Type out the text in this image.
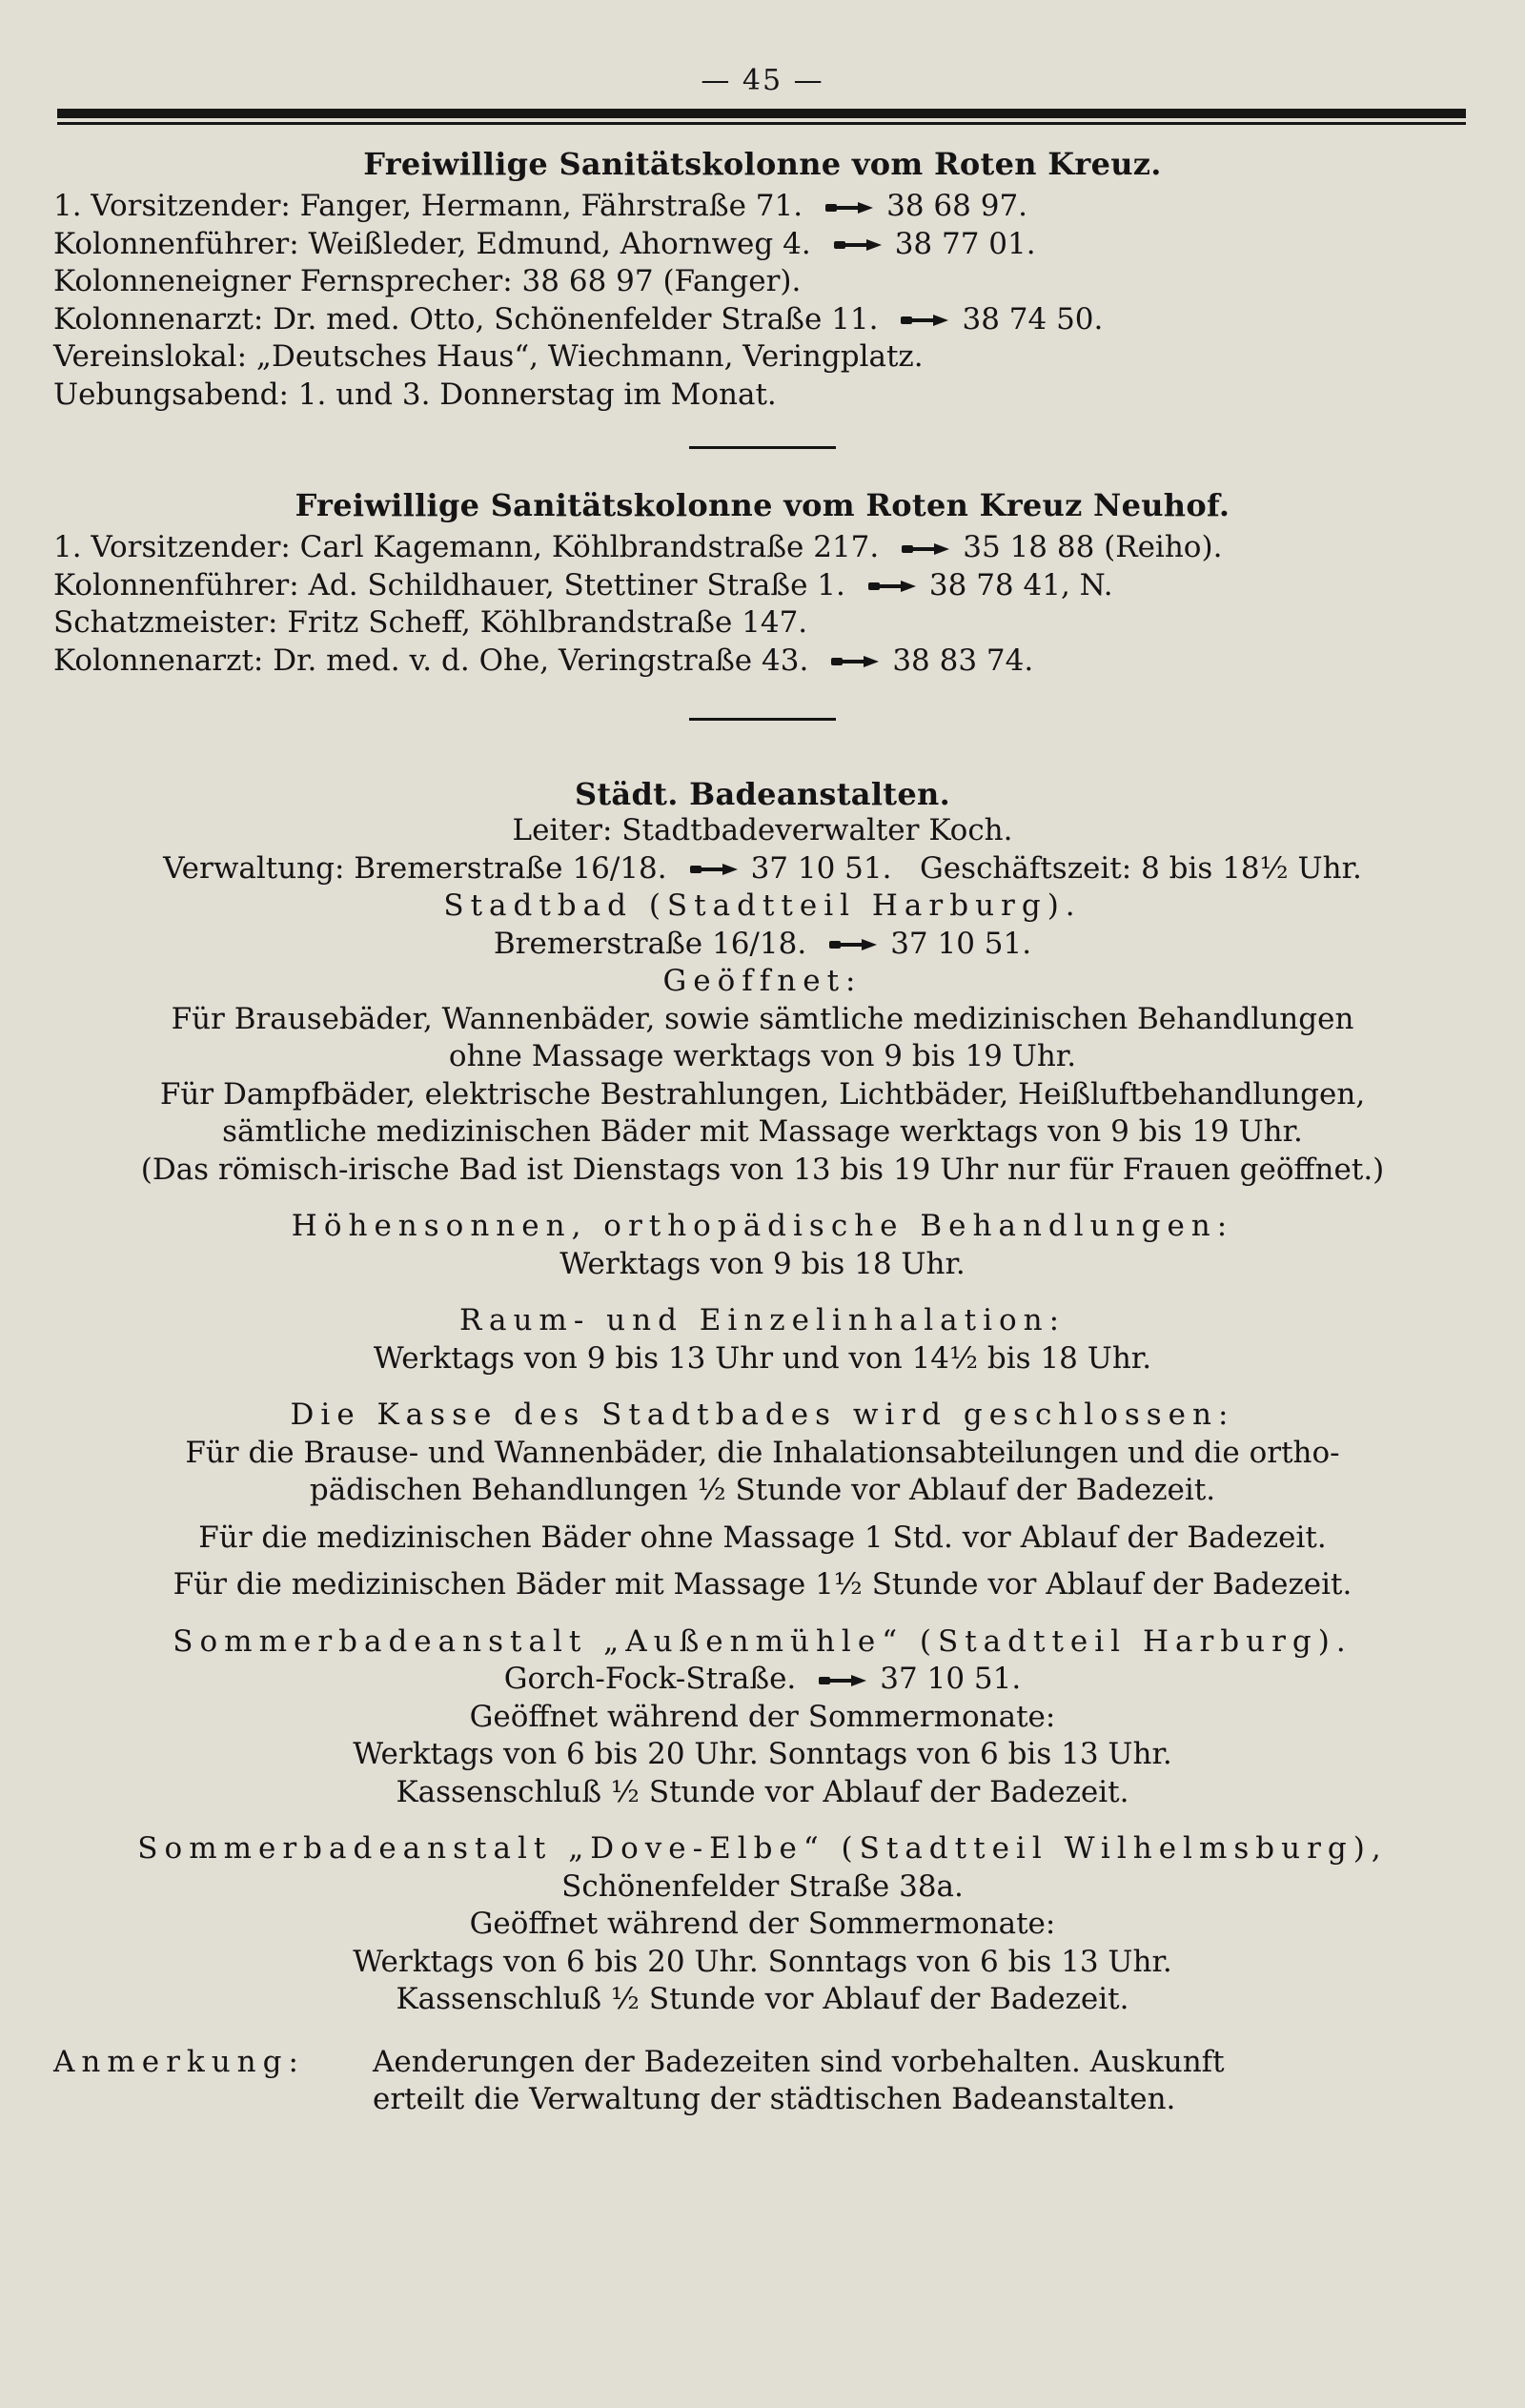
— 45 —
Freiwillige Sanitätskolonne vom Roten Kreuz.
1. Vorsitzender: Fanger, Hermann, Fährstraße 71.	38 68 97.
Kolonnenführer: Weißleder, Edmund, Ahornweg 4.	38 77 01.
Kolonneneigner Fernsprecher: 38 68 97 (Fanger).
Kolonnenarzt: Dr. med. Otto, Schönenfelder Straße 11.	38 74 50.
Vereinslokal: „Deutsches Haus“, Wiechmann, Veringplatz.
Uebungsabend: 1. und 3. Donnerstag im Monat.
Freiwillige Sanitätskolonne vom Roten Kreuz Neuhof.
1. Vorsitzender: Carl Kagemann, Köhlbrandstraße 217.	35 18 88 (Reiho).
Kolonnenführer: Ad. Schildhauer, Stettiner Straße 1.	38 78 41, N.
Schatzmeister: Fritz Scheff, Köhlbrandstraße 147.
Kolonnenarzt: Dr. med. v. d. Ohe, Veringstraße 43.	38 83 74.
Städt. Badeanstalten.
Leiter: Stadtbadeverwalter Koch.
Verwaltung: Bremerstraße 16/18.	37 10 51. Geschäftszeit: 8 bis 18½ Uhr.
Stadtbad (Stadtteil Harburg).
Bremerstraße 16/18.	37 10 51.
Geöffnet:
Für Brausebäder, Wannenbäder, sowie sämtliche medizinischen Behandlungen
ohne Massage werktags von 9 bis 19 Uhr.
Für Dampfbäder, elektrische Bestrahlungen, Lichtbäder, Heißluftbehandlungen,
sämtliche medizinischen Bäder mit Massage werktags von 9 bis 19 Uhr.
(Das römisch-irische Bad ist Dienstags von 13 bis 19 Uhr nur für Frauen geöffnet.)
Höhensonnen, orthopädische Behandlungen:
Werktags von 9 bis 18 Uhr.
Raum- und Einzelinhalation:
Werktags von 9 bis 13 Uhr und von 14½ bis 18 Uhr.
Die Kasse des Stadtbades wird geschlossen:
Für die Brause- und Wannenbäder, die Inhalationsabteilungen und die ortho-
pädischen Behandlungen ½ Stunde vor Ablauf der Badezeit.
Für die medizinischen Bäder ohne Massage 1 Std. vor Ablauf der Badezeit.
Für die medizinischen Bäder mit Massage 1½ Stunde vor Ablauf der Badezeit.
Sommerbadeanstalt „Außenmühle“ (Stadtteil Harburg).
Gorch-Fock-Straße.	37 10 51.
Geöffnet während der Sommermonate:
Werktags von 6 bis 20 Uhr. Sonntags von 6 bis 13 Uhr.
Kassenschluß ½ Stunde vor Ablauf der Badezeit.
Sommerbadeanstalt „Dove-Elbe“ (Stadtteil Wilhelmsburg),
Schönenfelder Straße 38a.
Geöffnet während der Sommermonate:
Werktags von 6 bis 20 Uhr. Sonntags von 6 bis 13 Uhr.
Kassenschluß ½ Stunde vor Ablauf der Badezeit.
Anmerkung:	Aenderungen der Badezeiten sind vorbehalten. Auskunft
erteilt die Verwaltung der städtischen Badeanstalten.
